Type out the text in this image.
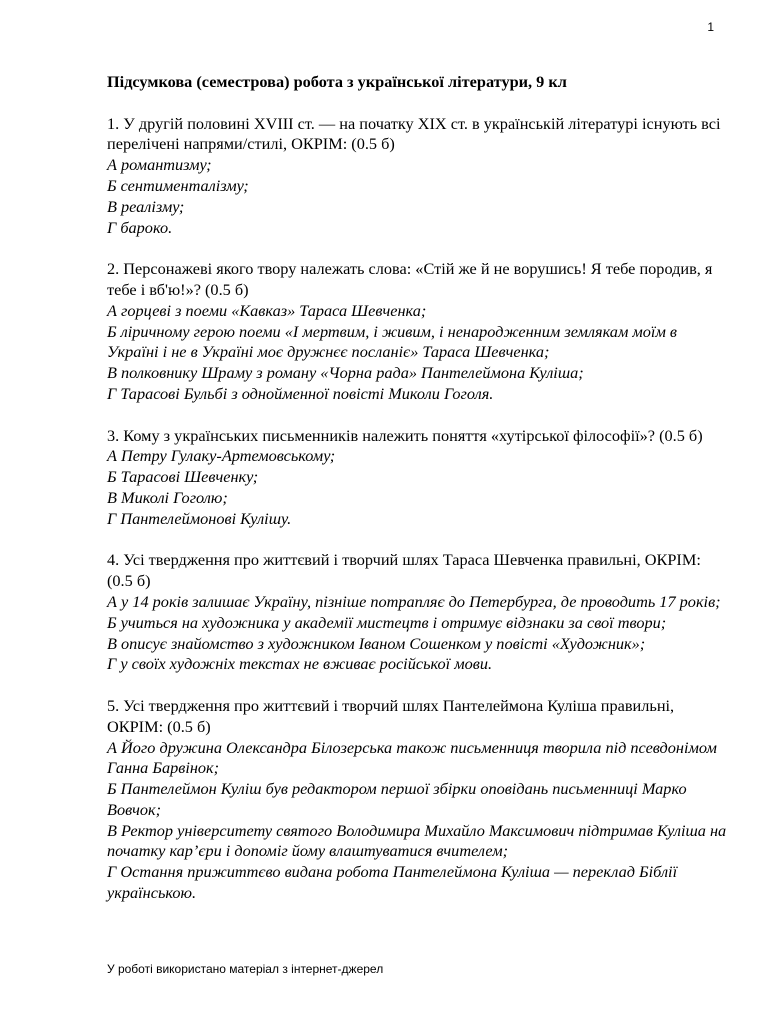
1

Підсумкова (семестрова) робота з української літератури, 9 кл

1. У другій половині XVIII ст. — на початку XIX ст. в українській літературі існують всі перелічені напрями/стилі, ОКРІМ: (0.5 б)

А романтизму;
Б сентименталізму;
В реалізму;
Г бароко.

2. Персонажеві якого твору належать слова: «Стій же й не ворушись! Я тебе породив, я тебе і вб'ю!»? (0.5 б)

А горцеві з поеми «Кавказ» Тараса Шевченка;
Б ліричному герою поеми «І мертвим, і живим, і ненародженним землякам моїм в Україні і не в Україні моє дружнєє посланіє» Тараса Шевченка;
В полковнику Шраму з роману «Чорна рада» Пантелеймона Куліша;
Г Тарасові Бульбі з однойменної повісті Миколи Гоголя.

3. Кому з українських письменників належить поняття «хутірської філософії»? (0.5 б)

А Петру Гулаку-Артемовському;
Б Тарасові Шевченку;
В Миколі Гоголю;
Г Пантелеймонові Кулішу.

4. Усі твердження про життєвий і творчий шлях Тараса Шевченка правильні, ОКРІМ: (0.5 б)

А у 14 років залишає Україну, пізніше потрапляє до Петербурга, де проводить 17 років;
Б учиться на художника у академії мистецтв і отримує відзнаки за свої твори;
В описує знайомство з художником Іваном Сошенком у повісті «Художник»;
Г у своїх художніх текстах не вживає російської мови.

5. Усі твердження про життєвий і творчий шлях Пантелеймона Куліша правильні, ОКРІМ: (0.5 б)

А Його дружина Олександра Білозерська також письменниця творила під псевдонімом Ганна Барвінок;
Б Пантелеймон Куліш був редактором першої збірки оповідань письменниці Марко Вовчок;
В Ректор університету святого Володимира Михайло Максимович підтримав Куліша на початку кар’єри і допоміг йому влаштуватися вчителем;
Г Остання прижиттєво видана робота Пантелеймона Куліша — переклад Біблії українською.
У роботі використано матеріал з інтернет-джерел
